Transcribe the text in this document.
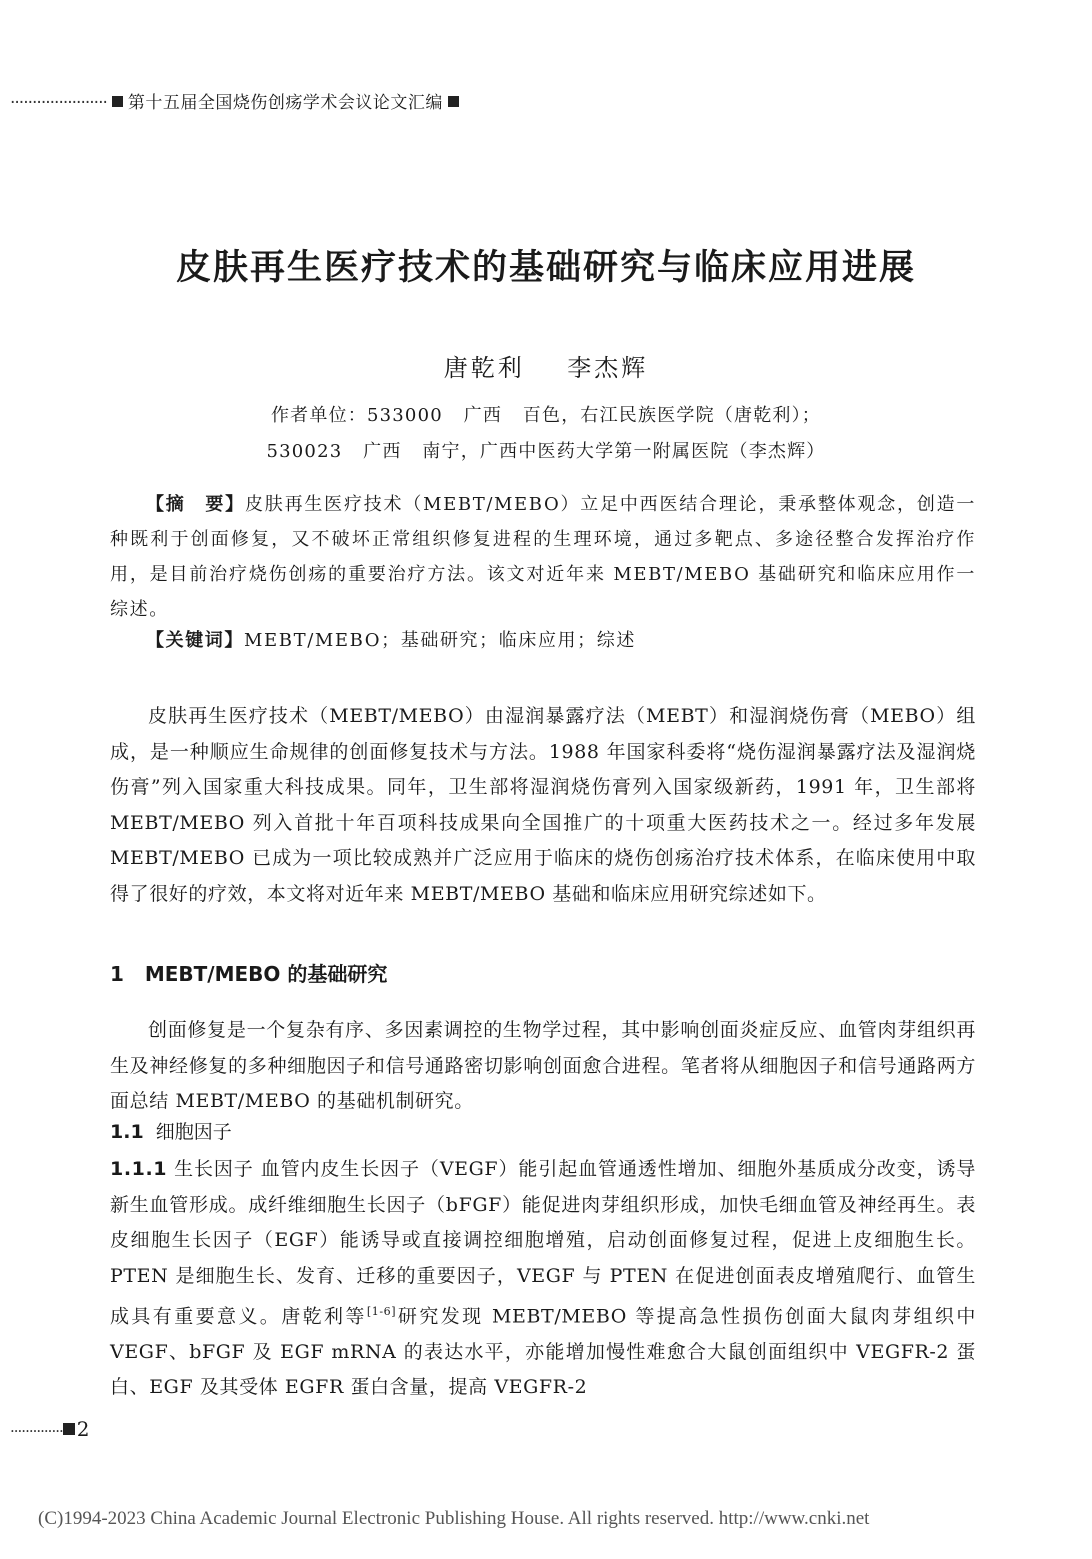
······················ 第十五届全国烧伤创疡学术会议论文汇编
皮肤再生医疗技术的基础研究与临床应用进展
唐乾利    李杰辉
作者单位：533000   广西   百色，右江民族医学院（唐乾利）；
530023   广西   南宁，广西中医药大学第一附属医院（李杰辉）
【摘　要】皮肤再生医疗技术（MEBT/MEBO）立足中西医结合理论，秉承整体观念，创造一种既利于创面修复，又不破坏正常组织修复进程的生理环境，通过多靶点、多途径整合发挥治疗作用，是目前治疗烧伤创疡的重要治疗方法。该文对近年来 MEBT/MEBO 基础研究和临床应用作一综述。
【关键词】MEBT/MEBO；基础研究；临床应用；综述
皮肤再生医疗技术（MEBT/MEBO）由湿润暴露疗法（MEBT）和湿润烧伤膏（MEBO）组成，是一种顺应生命规律的创面修复技术与方法。1988 年国家科委将“烧伤湿润暴露疗法及湿润烧伤膏”列入国家重大科技成果。同年，卫生部将湿润烧伤膏列入国家级新药，1991 年，卫生部将 MEBT/MEBO 列入首批十年百项科技成果向全国推广的十项重大医药技术之一。经过多年发展 MEBT/MEBO 已成为一项比较成熟并广泛应用于临床的烧伤创疡治疗技术体系，在临床使用中取得了很好的疗效，本文将对近年来 MEBT/MEBO 基础和临床应用研究综述如下。
1 MEBT/MEBO 的基础研究
创面修复是一个复杂有序、多因素调控的生物学过程，其中影响创面炎症反应、血管肉芽组织再生及神经修复的多种细胞因子和信号通路密切影响创面愈合进程。笔者将从细胞因子和信号通路两方面总结 MEBT/MEBO 的基础机制研究。
1.1 细胞因子
1.1.1 生长因子 血管内皮生长因子（VEGF）能引起血管通透性增加、细胞外基质成分改变，诱导新生血管形成。成纤维细胞生长因子（bFGF）能促进肉芽组织形成，加快毛细血管及神经再生。表皮细胞生长因子（EGF）能诱导或直接调控细胞增殖，启动创面修复过程，促进上皮细胞生长。PTEN 是细胞生长、发育、迁移的重要因子，VEGF 与 PTEN 在促进创面表皮增殖爬行、血管生成具有重要意义。唐乾利等[1-6]研究发现 MEBT/MEBO 等提高急性损伤创面大鼠肉芽组织中 VEGF、bFGF 及 EGF mRNA 的表达水平，亦能增加慢性难愈合大鼠创面组织中 VEGFR-2 蛋白、EGF 及其受体 EGFR 蛋白含量，提高 VEGFR-2
·············· 2
(C)1994-2023 China Academic Journal Electronic Publishing House. All rights reserved. http://www.cnki.net
